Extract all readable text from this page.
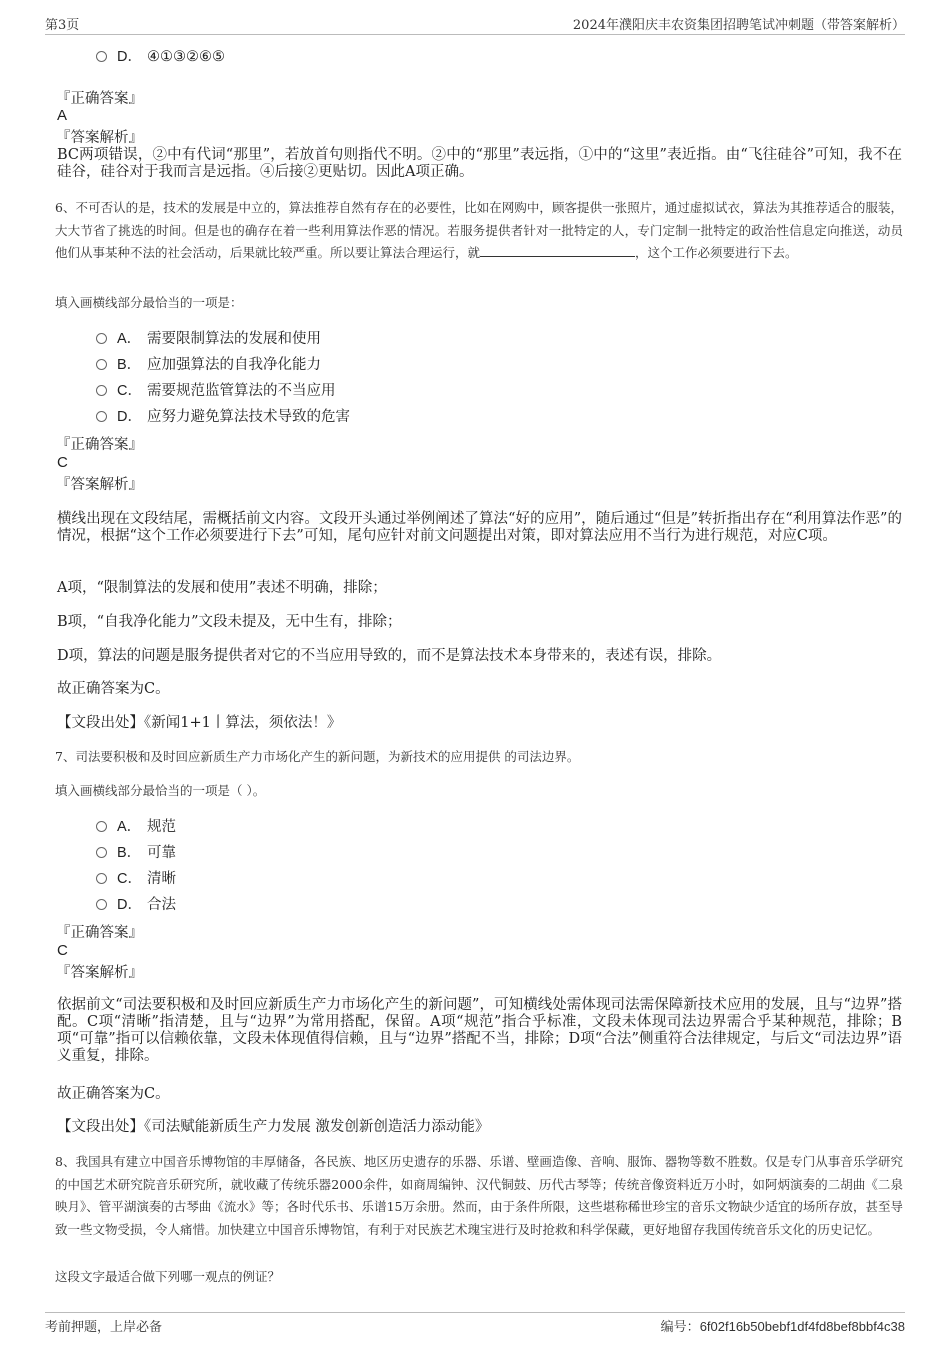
第3页	2024年濮阳庆丰农资集团招聘笔试冲刺题（带答案解析）
D． ④①③②⑥⑤
『正确答案』
A
『答案解析』
BC两项错误，②中有代词“那里”，若放首句则指代不明。②中的“那里”表远指，①中的“这里”表近指。由“飞往硅谷”可知，我不在硅谷，硅谷对于我而言是远指。④后接②更贴切。因此A项正确。
6、不可否认的是，技术的发展是中立的，算法推荐自然有存在的必要性，比如在网购中，顾客提供一张照片，通过虚拟试衣，算法为其推荐适合的服装，大大节省了挑选的时间。但是也的确存在着一些利用算法作恶的情况。若服务提供者针对一批特定的人，专门定制一批特定的政治性信息定向推送，动员他们从事某种不法的社会活动，后果就比较严重。所以要让算法合理运行，就	，这个工作必须要进行下去。
填入画横线部分最恰当的一项是：
A． 需要限制算法的发展和使用
B． 应加强算法的自我净化能力
C． 需要规范监管算法的不当应用
D． 应努力避免算法技术导致的危害
『正确答案』
C
『答案解析』
横线出现在文段结尾，需概括前文内容。文段开头通过举例阐述了算法“好的应用”，随后通过“但是”转折指出存在“利用算法作恶”的情况，根据“这个工作必须要进行下去”可知，尾句应针对前文问题提出对策，即对算法应用不当行为进行规范，对应C项。
A项，“限制算法的发展和使用”表述不明确，排除；
B项，“自我净化能力”文段未提及，无中生有，排除；
D项，算法的问题是服务提供者对它的不当应用导致的，而不是算法技术本身带来的，表述有误，排除。
故正确答案为C。
【文段出处】《新闻1+1丨算法，须依法！》
7、司法要积极和及时回应新质生产力市场化产生的新问题，为新技术的应用提供 的司法边界。
填入画横线部分最恰当的一项是（ ）。
A． 规范
B． 可靠
C． 清晰
D． 合法
『正确答案』
C
『答案解析』
依据前文“司法要积极和及时回应新质生产力市场化产生的新问题”，可知横线处需体现司法需保障新技术应用的发展，且与“边界”搭配。C项“清晰”指清楚，且与“边界”为常用搭配，保留。A项“规范”指合乎标准，文段未体现司法边界需合乎某种规范，排除；B项“可靠”指可以信赖依靠，文段未体现值得信赖，且与“边界”搭配不当，排除；D项“合法”侧重符合法律规定，与后文“司法边界”语义重复，排除。
故正确答案为C。
【文段出处】《司法赋能新质生产力发展 激发创新创造活力添动能》
8、我国具有建立中国音乐博物馆的丰厚储备，各民族、地区历史遗存的乐器、乐谱、壁画造像、音响、服饰、器物等数不胜数。仅是专门从事音乐学研究的中国艺术研究院音乐研究所，就收藏了传统乐器2000余件，如商周编钟、汉代铜鼓、历代古琴等；传统音像资料近万小时，如阿炳演奏的二胡曲《二泉映月》、管平湖演奏的古琴曲《流水》等；各时代乐书、乐谱15万余册。然而，由于条件所限，这些堪称稀世珍宝的音乐文物缺少适宜的场所存放，甚至导致一些文物受损，令人痛惜。加快建立中国音乐博物馆，有利于对民族艺术瑰宝进行及时抢救和科学保藏，更好地留存我国传统音乐文化的历史记忆。
这段文字最适合做下列哪一观点的例证？
考前押题，上岸必备	编号：6f02f16b50bebf1df4fd8bef8bbf4c38
